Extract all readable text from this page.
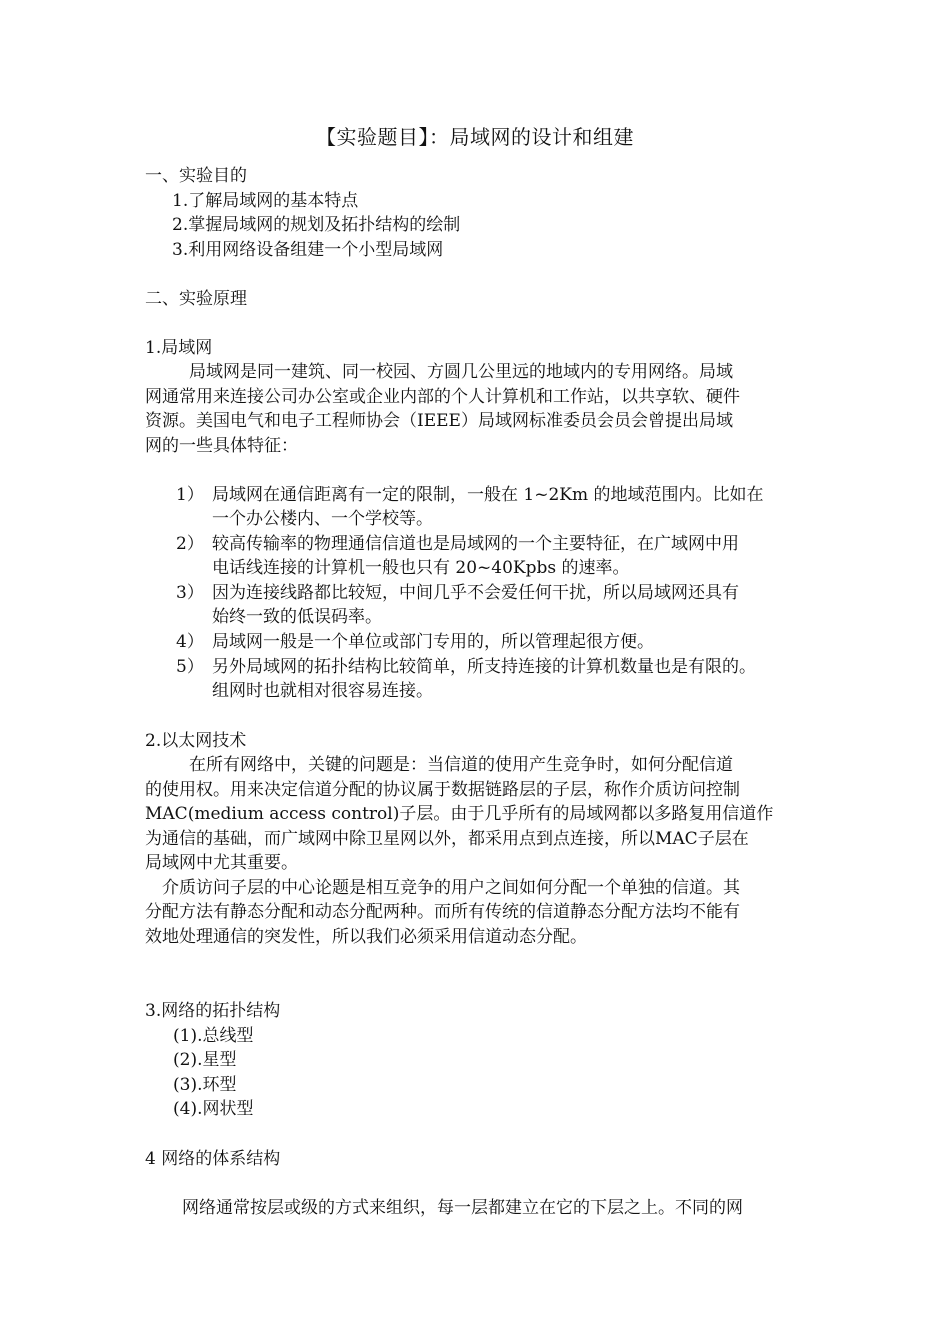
【实验题目】：局域网的设计和组建
一、实验目的
1.了解局域网的基本特点
2.掌握局域网的规划及拓扑结构的绘制
3.利用网络设备组建一个小型局域网
二、实验原理
1.局域网
局域网是同一建筑、同一校园、方圆几公里远的地域内的专用网络。局域
网通常用来连接公司办公室或企业内部的个人计算机和工作站，以共享软、硬件
资源。美国电气和电子工程师协会（IEEE）局域网标准委员会员会曾提出局域
网的一些具体特征：
1） 局域网在通信距离有一定的限制，一般在 1~2Km 的地域范围内。比如在
一个办公楼内、一个学校等。
2） 较高传输率的物理通信信道也是局域网的一个主要特征，在广域网中用
电话线连接的计算机一般也只有 20~40Kpbs 的速率。
3） 因为连接线路都比较短，中间几乎不会爱任何干扰，所以局域网还具有
始终一致的低误码率。
4） 局域网一般是一个单位或部门专用的，所以管理起很方便。
5） 另外局域网的拓扑结构比较简单，所支持连接的计算机数量也是有限的。
组网时也就相对很容易连接。
2.以太网技术
在所有网络中，关键的问题是：当信道的使用产生竞争时，如何分配信道
的使用权。用来决定信道分配的协议属于数据链路层的子层，称作介质访问控制
MAC(medium access control)子层。由于几乎所有的局域网都以多路复用信道作
为通信的基础，而广域网中除卫星网以外，都采用点到点连接，所以MAC子层在
局域网中尤其重要。
介质访问子层的中心论题是相互竞争的用户之间如何分配一个单独的信道。其
分配方法有静态分配和动态分配两种。而所有传统的信道静态分配方法均不能有
效地处理通信的突发性，所以我们必须采用信道动态分配。
3.网络的拓扑结构
(1).总线型
(2).星型
(3).环型
(4).网状型
4 网络的体系结构
网络通常按层或级的方式来组织，每一层都建立在它的下层之上。不同的网
